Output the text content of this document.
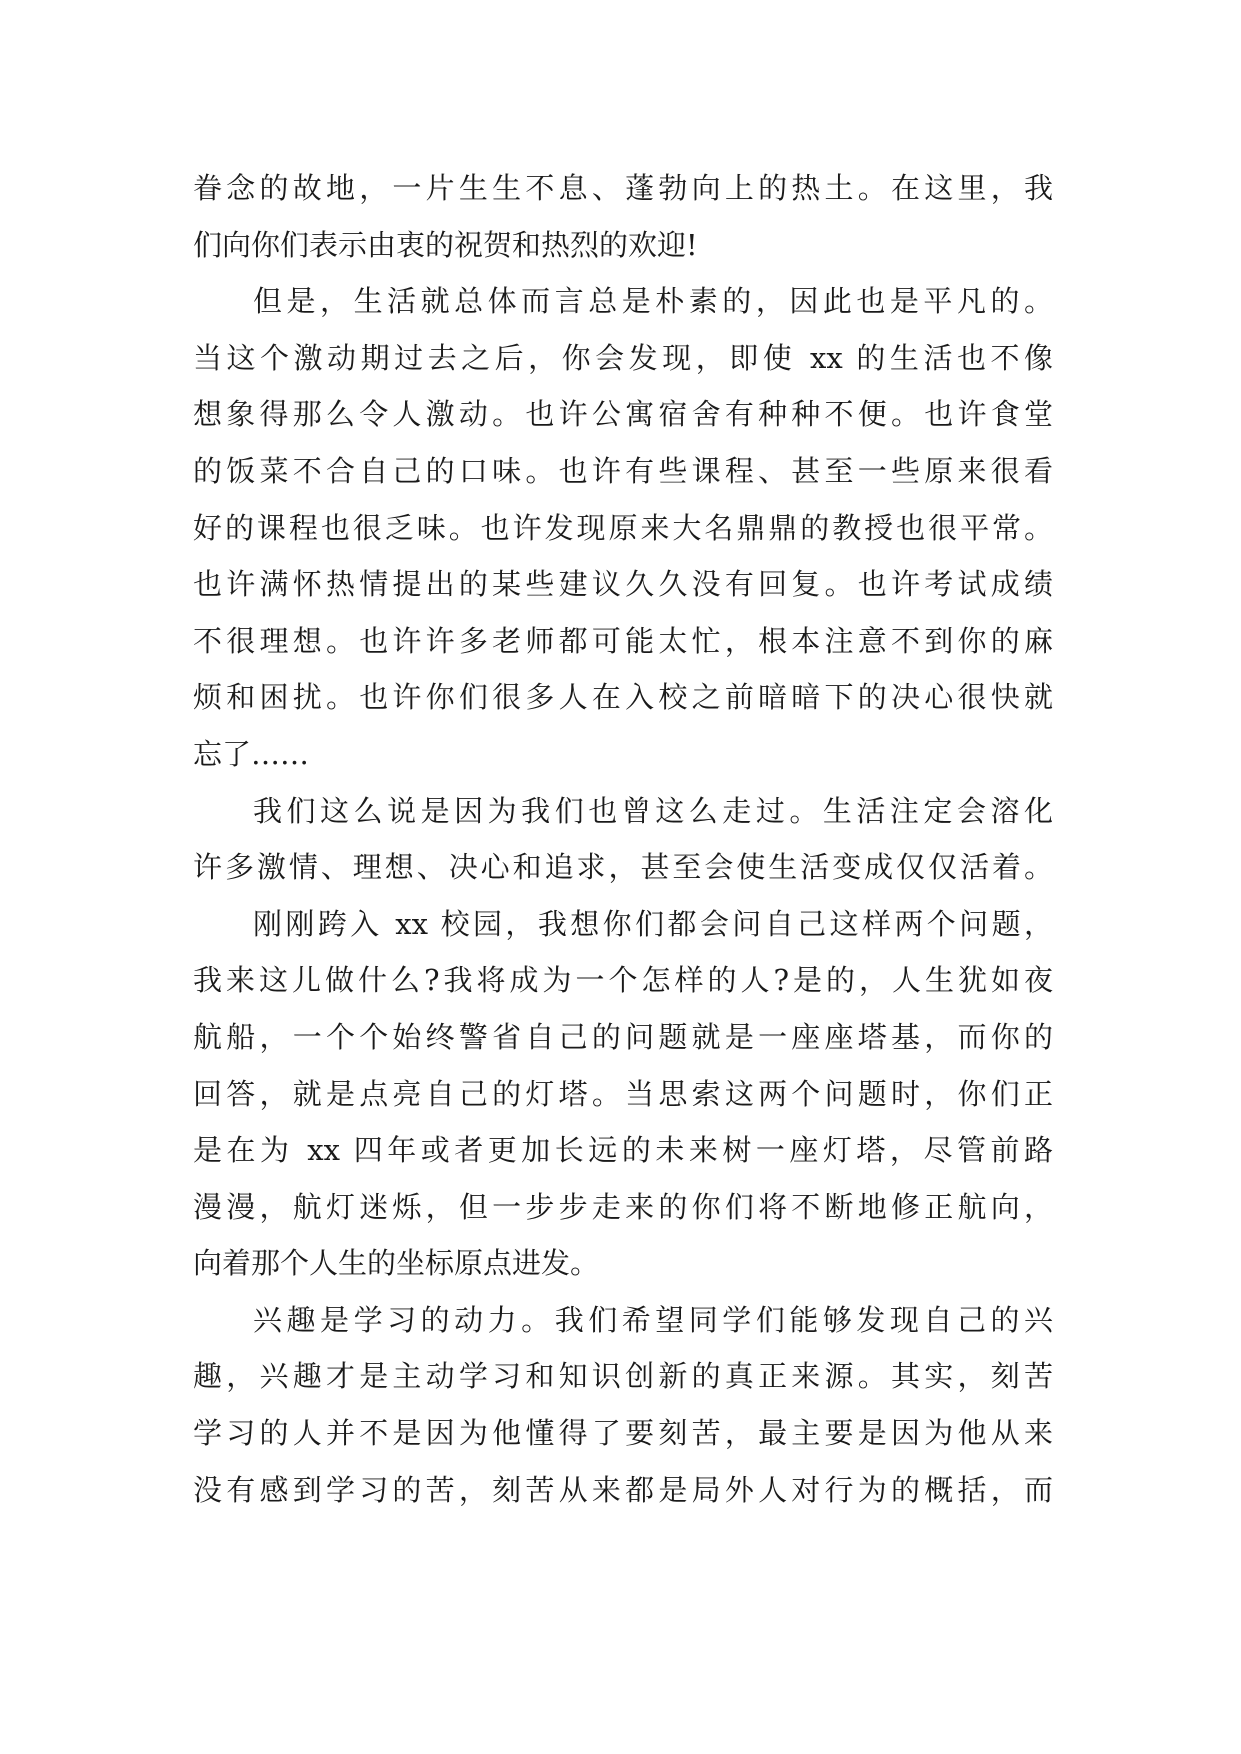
眷念的故地，一片生生不息、蓬勃向上的热土。在这里，我
们向你们表示由衷的祝贺和热烈的欢迎!
但是，生活就总体而言总是朴素的，因此也是平凡的。
当这个激动期过去之后，你会发现，即使 xx 的生活也不像
想象得那么令人激动。也许公寓宿舍有种种不便。也许食堂
的饭菜不合自己的口味。也许有些课程、甚至一些原来很看
好的课程也很乏味。也许发现原来大名鼎鼎的教授也很平常。
也许满怀热情提出的某些建议久久没有回复。也许考试成绩
不很理想。也许许多老师都可能太忙，根本注意不到你的麻
烦和困扰。也许你们很多人在入校之前暗暗下的决心很快就
忘了……
我们这么说是因为我们也曾这么走过。生活注定会溶化
许多激情、理想、决心和追求，甚至会使生活变成仅仅活着。
刚刚跨入 xx 校园，我想你们都会问自己这样两个问题，
我来这儿做什么?我将成为一个怎样的人?是的，人生犹如夜
航船，一个个始终警省自己的问题就是一座座塔基，而你的
回答，就是点亮自己的灯塔。当思索这两个问题时，你们正
是在为 xx 四年或者更加长远的未来树一座灯塔，尽管前路
漫漫，航灯迷烁，但一步步走来的你们将不断地修正航向，
向着那个人生的坐标原点进发。
兴趣是学习的动力。我们希望同学们能够发现自己的兴
趣，兴趣才是主动学习和知识创新的真正来源。其实，刻苦
学习的人并不是因为他懂得了要刻苦，最主要是因为他从来
没有感到学习的苦，刻苦从来都是局外人对行为的概括，而
